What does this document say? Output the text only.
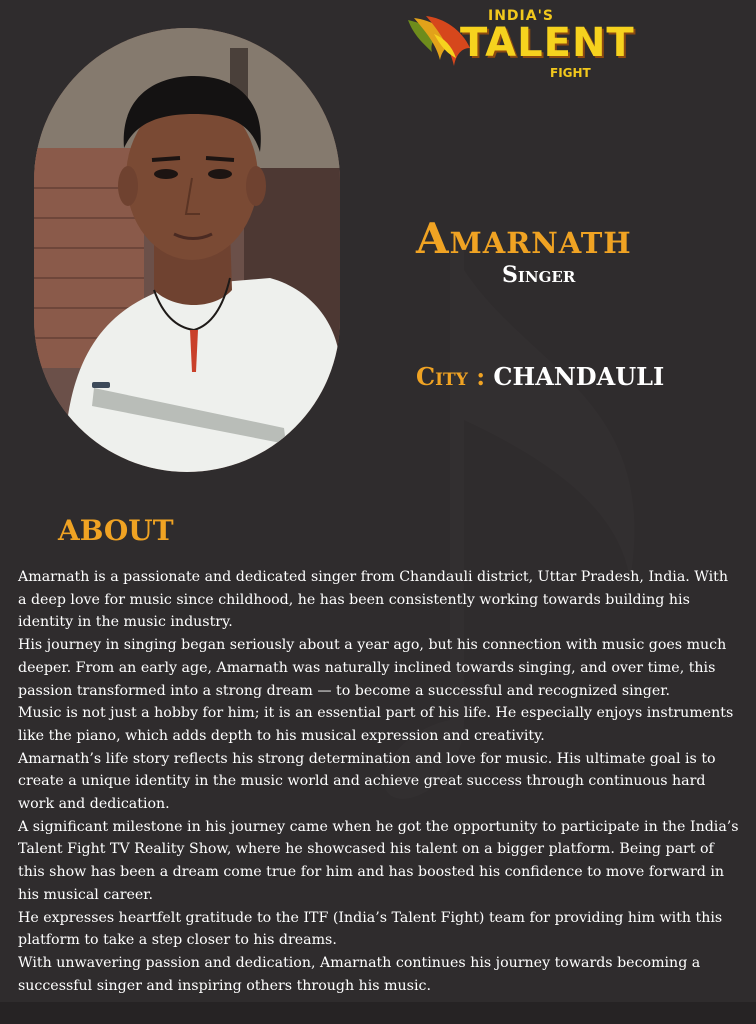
INDIA'S
TALENT
FIGHT
Amarnath
Singer
City : CHANDAULI
ABOUT

Amarnath is a passionate and dedicated singer from Chandauli district, Uttar Pradesh, India. With a deep love for music since childhood, he has been consistently working towards building his identity in the music industry.

His journey in singing began seriously about a year ago, but his connection with music goes much deeper. From an early age, Amarnath was naturally inclined towards singing, and over time, this passion transformed into a strong dream — to become a successful and recognized singer.

Music is not just a hobby for him; it is an essential part of his life. He especially enjoys instruments like the piano, which adds depth to his musical expression and creativity.

Amarnath’s life story reflects his strong determination and love for music. His ultimate goal is to create a unique identity in the music world and achieve great success through continuous hard work and dedication.

A significant milestone in his journey came when he got the opportunity to participate in the India’s Talent Fight TV Reality Show, where he showcased his talent on a bigger platform. Being part of this show has been a dream come true for him and has boosted his confidence to move forward in his musical career.

He expresses heartfelt gratitude to the ITF (India’s Talent Fight) team for providing him with this platform to take a step closer to his dreams.

With unwavering passion and dedication, Amarnath continues his journey towards becoming a successful singer and inspiring others through his music.
